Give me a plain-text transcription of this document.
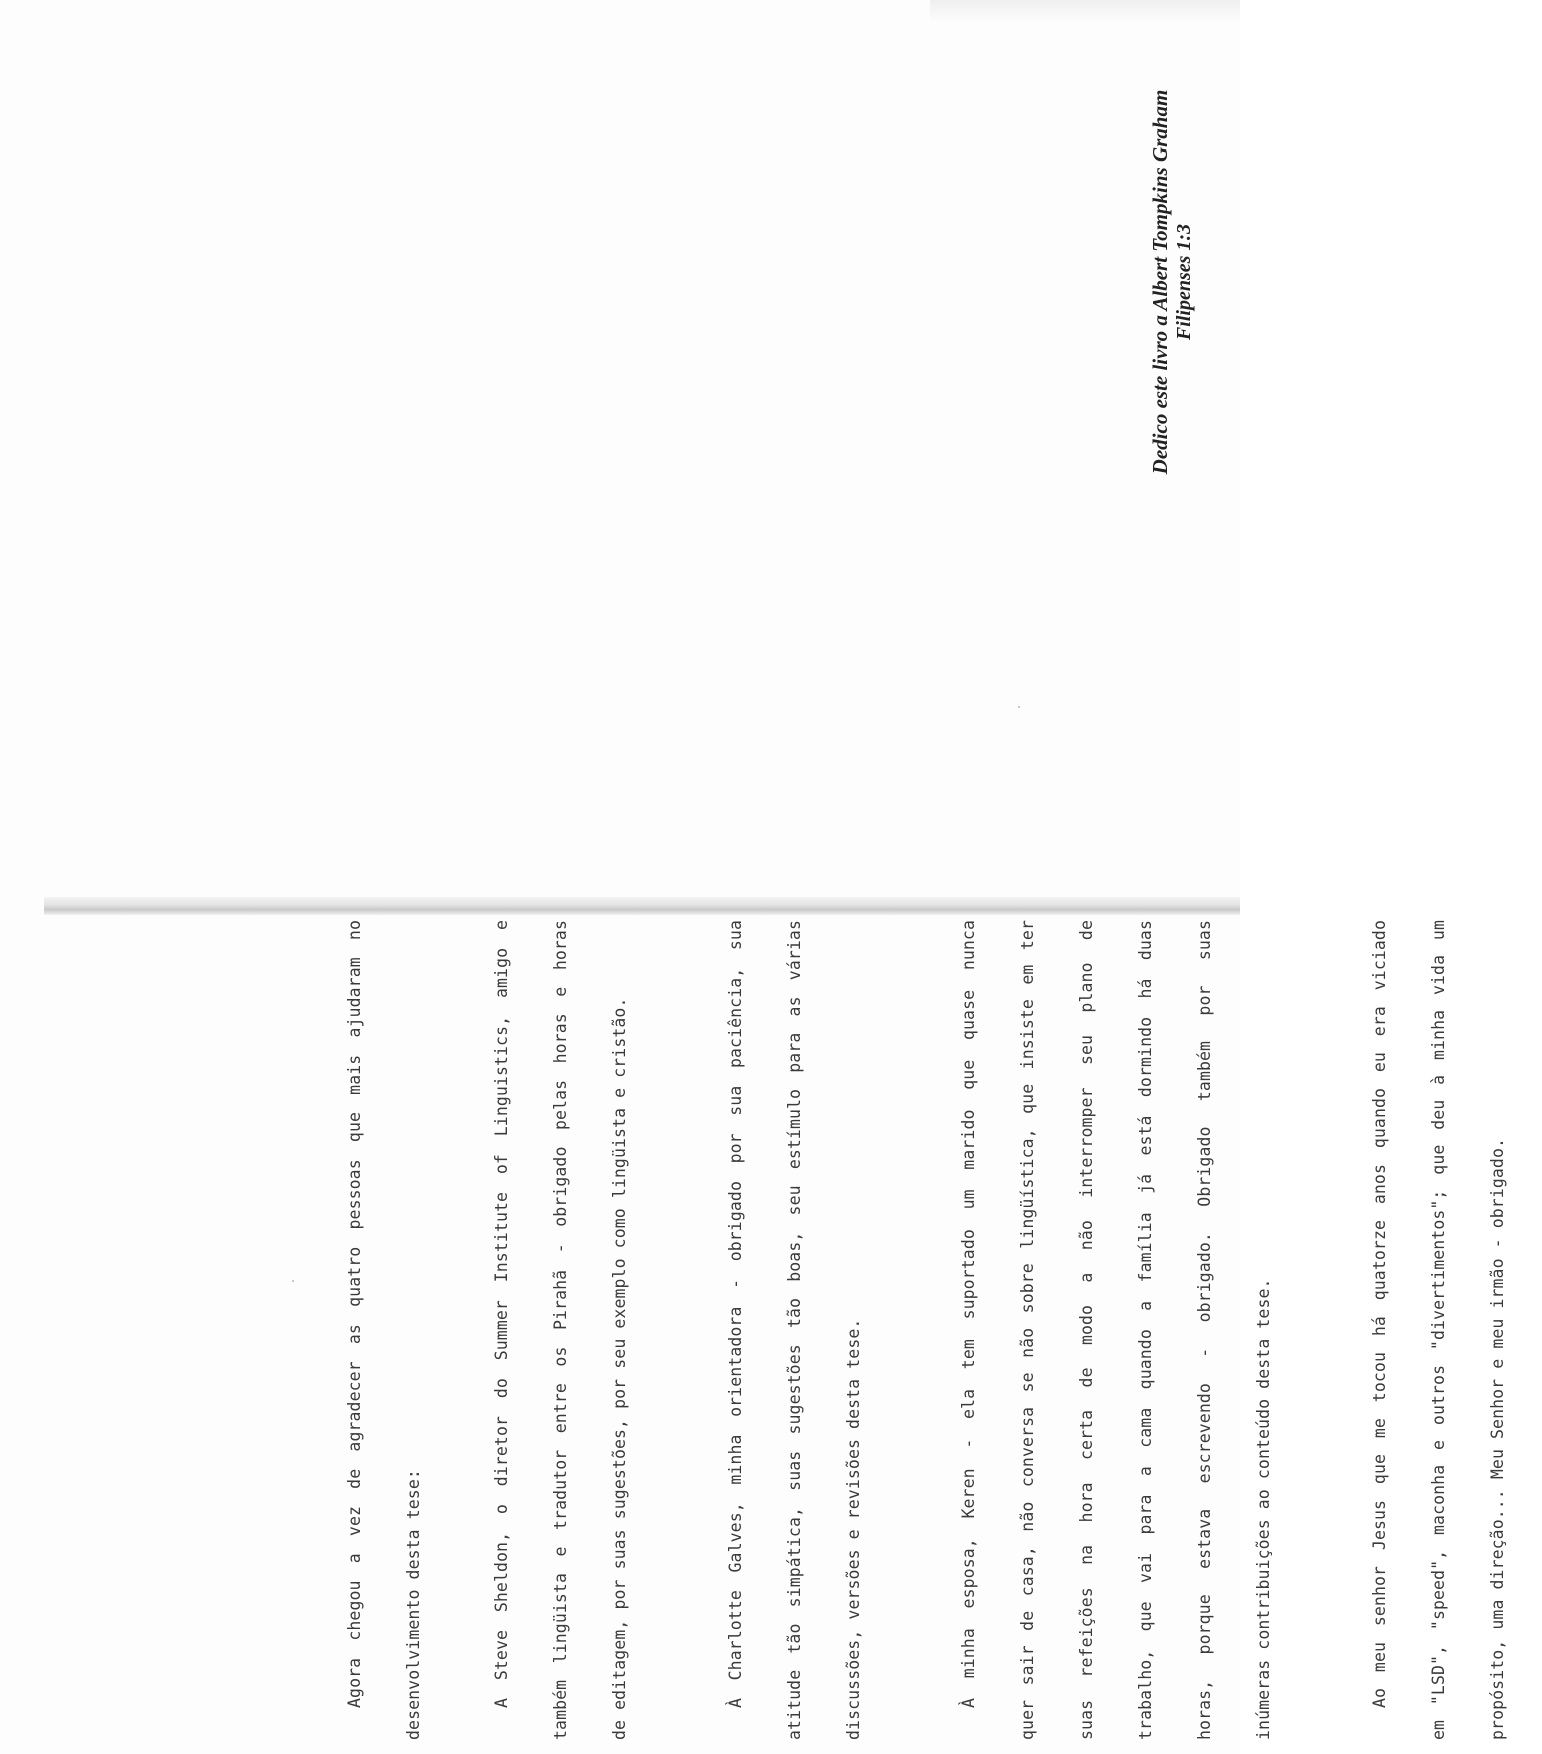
Dedico este livro a Albert Tompkins Graham Filipenses 1:3

Agora chegou a vez de agradecer as quatro pessoas que mais ajudaram no	desenvolvimento desta tese:	A Steve Sheldon, o diretor do Summer Institute of Linguistics, amigo e	também lingüista e tradutor entre os Pirahã - obrigado pelas horas e horas	de editagem, por suas sugestões, por seu exemplo como lingüista e cristão.	À Charlotte Galves, minha orientadora - obrigado por sua paciência, sua	atitude tão simpática, suas sugestões tão boas, seu estímulo para as várias	discussões, versões e revisões desta tese.	À minha esposa, Keren - ela tem suportado um marido que quase nunca	quer sair de casa, não conversa se não sobre lingüística, que insiste em ter	suas refeições na hora certa de modo a não interromper seu plano de	trabalho, que vai para a cama quando a família já está dormindo há duas	horas, porque estava escrevendo - obrigado. Obrigado também por suas	inúmeras contribuições ao conteúdo desta tese.	Ao meu senhor Jesus que me tocou há quatorze anos quando eu era viciado	em "LSD", "speed", maconha e outros "divertimentos"; que deu à minha vida um	propósito, uma direção... Meu Senhor e meu irmão - obrigado.
